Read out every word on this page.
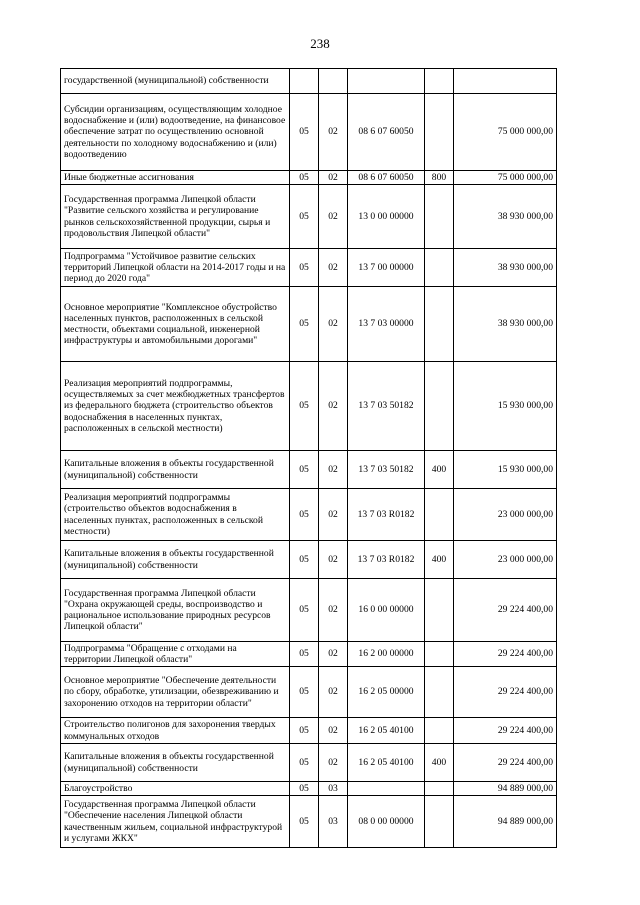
238
государственной (муниципальной) собственности					
Субсидии организациям, осуществляющим холодное водоснабжение и (или) водоотведение, на финансовое обеспечение затрат по осуществлению основной деятельности по холодному водоснабжению и (или) водоотведению	05	02	08 6 07 60050		75 000 000,00
Иные бюджетные ассигнования	05	02	08 6 07 60050	800	75 000 000,00
Государственная программа Липецкой области "Развитие сельского хозяйства и регулирование рынков сельскохозяйственной продукции, сырья и продовольствия Липецкой области"	05	02	13 0 00 00000		38 930 000,00
Подпрограмма "Устойчивое развитие сельских территорий Липецкой области на 2014-2017 годы и на период до 2020 года"	05	02	13 7 00 00000		38 930 000,00
Основное мероприятие "Комплексное обустройство населенных пунктов, расположенных в сельской местности, объектами социальной, инженерной инфраструктуры и автомобильными дорогами"	05	02	13 7 03 00000		38 930 000,00
Реализация мероприятий подпрограммы, осуществляемых за счет межбюджетных трансфертов из федерального бюджета (строительство объектов водоснабжения в населенных пунктах, расположенных в сельской местности)	05	02	13 7 03 50182		15 930 000,00
Капитальные вложения в объекты государственной (муниципальной) собственности	05	02	13 7 03 50182	400	15 930 000,00
Реализация мероприятий подпрограммы (строительство объектов водоснабжения в населенных пунктах, расположенных в сельской местности)	05	02	13 7 03 R0182		23 000 000,00
Капитальные вложения в объекты государственной (муниципальной) собственности	05	02	13 7 03 R0182	400	23 000 000,00
Государственная программа Липецкой области "Охрана окружающей среды, воспроизводство и рациональное использование природных ресурсов Липецкой области"	05	02	16 0 00 00000		29 224 400,00
Подпрограмма "Обращение с отходами на территории Липецкой области"	05	02	16 2 00 00000		29 224 400,00
Основное мероприятие "Обеспечение деятельности по сбору, обработке, утилизации, обезвреживанию и захоронению отходов на территории области"	05	02	16 2 05 00000		29 224 400,00
Строительство полигонов для захоронения твердых коммунальных отходов	05	02	16 2 05 40100		29 224 400,00
Капитальные вложения в объекты государственной (муниципальной) собственности	05	02	16 2 05 40100	400	29 224 400,00
Благоустройство	05	03			94 889 000,00
Государственная программа Липецкой области "Обеспечение населения Липецкой области качественным жильем, социальной инфраструктурой и услугами ЖКХ"	05	03	08 0 00 00000		94 889 000,00
